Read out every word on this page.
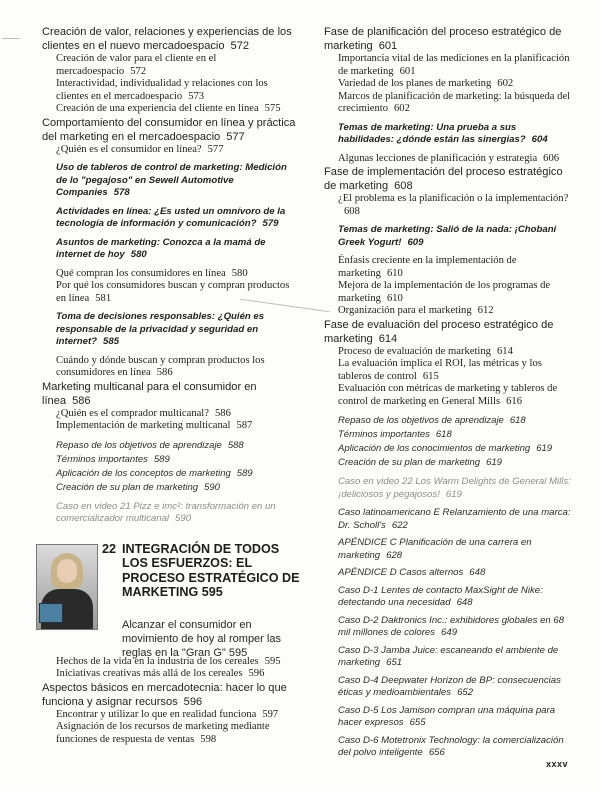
Creación de valor, relaciones y experiencias de los clientes en el nuevo mercadoespacio 572
Creación de valor para el cliente en el mercadoespacio 572
Interactividad, individualidad y relaciones con los clientes en el mercadoespacio 573
Creación de una experiencia del cliente en línea 575
Comportamiento del consumidor en línea y práctica del marketing en el mercadoespacio 577
¿Quién es el consumidor en línea? 577
Uso de tableros de control de marketing: Medición de lo "pegajoso" en Sewell Automotive Companies 578
Actividades en línea: ¿Es usted un omnívoro de la tecnología de información y comunicación? 579
Asuntos de marketing: Conozca a la mamá de internet de hoy 580
Qué compran los consumidores en línea 580
Por qué los consumidores buscan y compran productos en línea 581
Toma de decisiones responsables: ¿Quién es responsable de la privacidad y seguridad en internet? 585
Cuándo y dónde buscan y compran productos los consumidores en línea 586
Marketing multicanal para el consumidor en línea 586
¿Quién es el comprador multicanal? 586
Implementación de marketing multicanal 587
Repaso de los objetivos de aprendizaje 588
Términos importantes 589
Aplicación de los conceptos de marketing 589
Creación de su plan de marketing 590
Caso en video 21 Pizz e imc²: transformación en un comercializador multicanal 590
22 INTEGRACIÓN DE TODOS LOS ESFUERZOS: EL PROCESO ESTRATÉGICO DE MARKETING 595
Alcanzar el consumidor en movimiento de hoy al romper las reglas en la "Gran G" 595
Hechos de la vida en la industria de los cereales 595
Iniciativas creativas más allá de los cereales 596
Aspectos básicos en mercadotecnia: hacer lo que funciona y asignar recursos 596
Encontrar y utilizar lo que en realidad funciona 597
Asignación de los recursos de marketing mediante funciones de respuesta de ventas 598
Fase de planificación del proceso estratégico de marketing 601
Importancia vital de las mediciones en la planificación de marketing 601
Variedad de los planes de marketing 602
Marcos de planificación de marketing: la búsqueda del crecimiento 602
Temas de marketing: Una prueba a sus habilidades: ¿dónde están las sinergias? 604
Algunas lecciones de planificación y estrategia 606
Fase de implementación del proceso estratégico de marketing 608
¿El problema es la planificación o la implementación?608
Temas de marketing: Salió de la nada: ¡Chobani Greek Yogurt! 609
Énfasis creciente en la implementación de marketing 610
Mejora de la implementación de los programas de marketing 610
Organización para el marketing 612
Fase de evaluación del proceso estratégico de marketing 614
Proceso de evaluación de marketing 614
La evaluación implica el ROI, las métricas y los tableros de control 615
Evaluación con métricas de marketing y tableros de control de marketing en General Mills 616
Repaso de los objetivos de aprendizaje 618
Términos importantes 618
Aplicación de los conocimientos de marketing 619
Creación de su plan de marketing 619
Caso en video 22 Los Warm Delights de General Mills: ¡deliciosos y pegajosos! 619
Caso latinoamericano E Relanzamiento de una marca: Dr. Scholl's 622
APÉNDICE C Planificación de una carrera en marketing 628
APÉNDICE D Casos alternos 648
Caso D-1 Lentes de contacto MaxSight de Nike: detectando una necesidad 648
Caso D-2 Daktronics Inc.: exhibidores globales en 68 mil millones de colores 649
Caso D-3 Jamba Juice: escaneando el ambiente de marketing 651
Caso D-4 Deepwater Horizon de BP: consecuencias éticas y medioambientales 652
Caso D-5 Los Jamison compran una máquina para hacer expresos 655
Caso D-6 Motetronix Technology: la comercialización del polvo inteligente 656
xxxv
